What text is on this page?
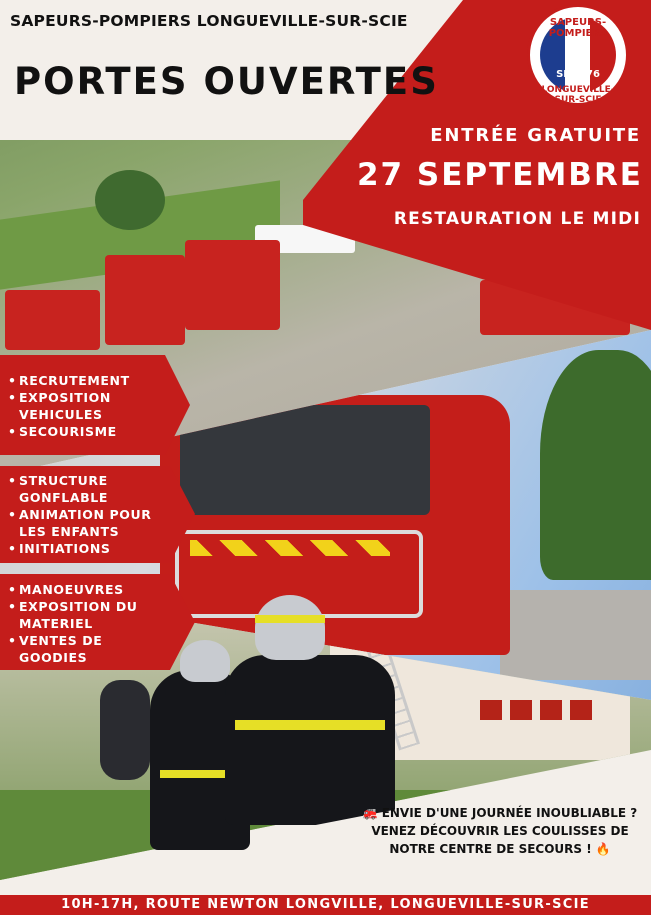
SAPEURS-POMPIERS LONGUEVILLE-SUR-SCIE
PORTES OUVERTES
SAPEURS-POMPIERS
SDIS 76
LONGUEVILLE-SUR-SCIE
ENTRÉE GRATUITE
27 SEPTEMBRE
RESTAURATION LE MIDI
• RECRUTEMENT
• EXPOSITION
VEHICULES
• SECOURISME
• STRUCTURE
GONFLABLE
• ANIMATION POUR
LES ENFANTS
• INITIATIONS
• MANOEUVRES
• EXPOSITION DU
MATERIEL
• VENTES DE
GOODIES
🚒 ENVIE D'UNE JOURNÉE INOUBLIABLE ?
VENEZ DÉCOUVRIR LES COULISSES DE
NOTRE CENTRE DE SECOURS ! 🔥
10H-17H, ROUTE NEWTON LONGVILLE, LONGUEVILLE-SUR-SCIE
